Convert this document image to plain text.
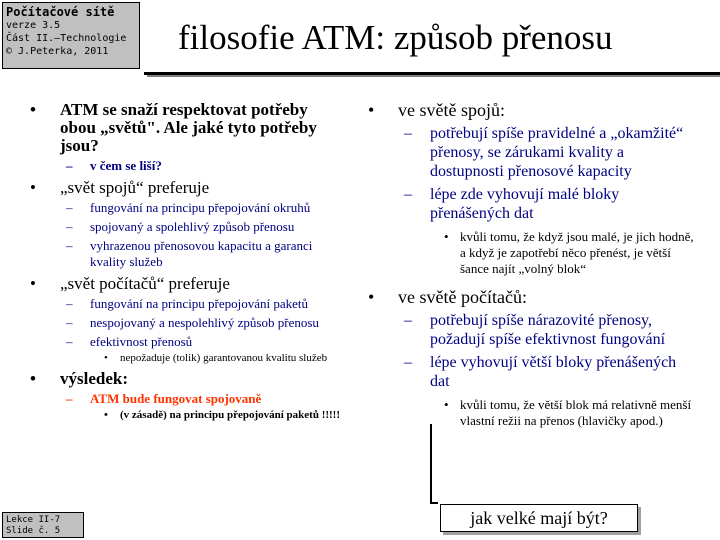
Počítačové sítě
verze 3.5
Část II.–Technologie
© J.Peterka, 2011	filosofie ATM: způsob přenosu
• ATM se snaží respektovat potřeby obou „světů". Ale jaké tyto potřeby jsou?
– v čem se liší?
• „svět spojů“ preferuje
– fungování na principu přepojování okruhů
– spojovaný a spolehlivý způsob přenosu
– vyhrazenou přenosovou kapacitu a garanci kvality služeb
• „svět počítačů“ preferuje
– fungování na principu přepojování paketů
– nespojovaný a nespolehlivý způsob přenosu
– efektivnost přenosů
• nepožaduje (tolik) garantovanou kvalitu služeb
• výsledek:
– ATM bude fungovat spojovaně
• (v zásadě) na principu přepojování paketů !!!!!
• ve světě spojů:
– potřebují spíše pravidelné a „okamžité“ přenosy, se zárukami kvality a dostupnosti přenosové kapacity
– lépe zde vyhovují malé bloky přenášených dat
• kvůli tomu, že když jsou malé, je jich hodně, a když je zapotřebí něco přenést, je větší šance najít „volný blok“
• ve světě počítačů:
– potřebují spíše nárazovité přenosy, požadují spíše efektivnost fungování
– lépe vyhovují větší bloky přenášených dat
• kvůli tomu, že větší blok má relativně menší vlastní režii na přenos (hlavičky apod.)
jak velké mají být?
Lekce II-7
Slide č. 5
